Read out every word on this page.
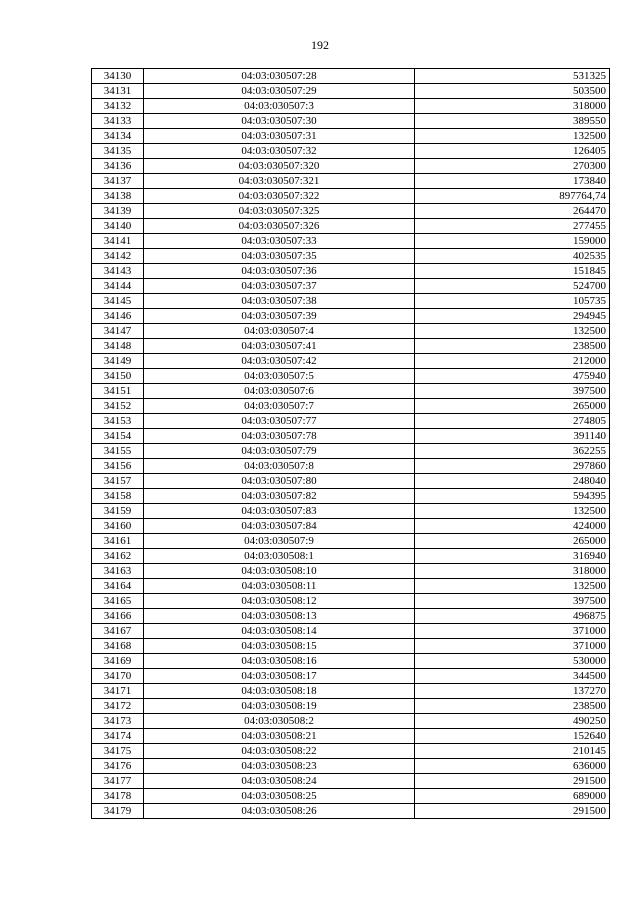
192
34130	04:03:030507:28	531325
34131	04:03:030507:29	503500
34132	04:03:030507:3	318000
34133	04:03:030507:30	389550
34134	04:03:030507:31	132500
34135	04:03:030507:32	126405
34136	04:03:030507:320	270300
34137	04:03:030507:321	173840
34138	04:03:030507:322	897764,74
34139	04:03:030507:325	264470
34140	04:03:030507:326	277455
34141	04:03:030507:33	159000
34142	04:03:030507:35	402535
34143	04:03:030507:36	151845
34144	04:03:030507:37	524700
34145	04:03:030507:38	105735
34146	04:03:030507:39	294945
34147	04:03:030507:4	132500
34148	04:03:030507:41	238500
34149	04:03:030507:42	212000
34150	04:03:030507:5	475940
34151	04:03:030507:6	397500
34152	04:03:030507:7	265000
34153	04:03:030507:77	274805
34154	04:03:030507:78	391140
34155	04:03:030507:79	362255
34156	04:03:030507:8	297860
34157	04:03:030507:80	248040
34158	04:03:030507:82	594395
34159	04:03:030507:83	132500
34160	04:03:030507:84	424000
34161	04:03:030507:9	265000
34162	04:03:030508:1	316940
34163	04:03:030508:10	318000
34164	04:03:030508:11	132500
34165	04:03:030508:12	397500
34166	04:03:030508:13	496875
34167	04:03:030508:14	371000
34168	04:03:030508:15	371000
34169	04:03:030508:16	530000
34170	04:03:030508:17	344500
34171	04:03:030508:18	137270
34172	04:03:030508:19	238500
34173	04:03:030508:2	490250
34174	04:03:030508:21	152640
34175	04:03:030508:22	210145
34176	04:03:030508:23	636000
34177	04:03:030508:24	291500
34178	04:03:030508:25	689000
34179	04:03:030508:26	291500
